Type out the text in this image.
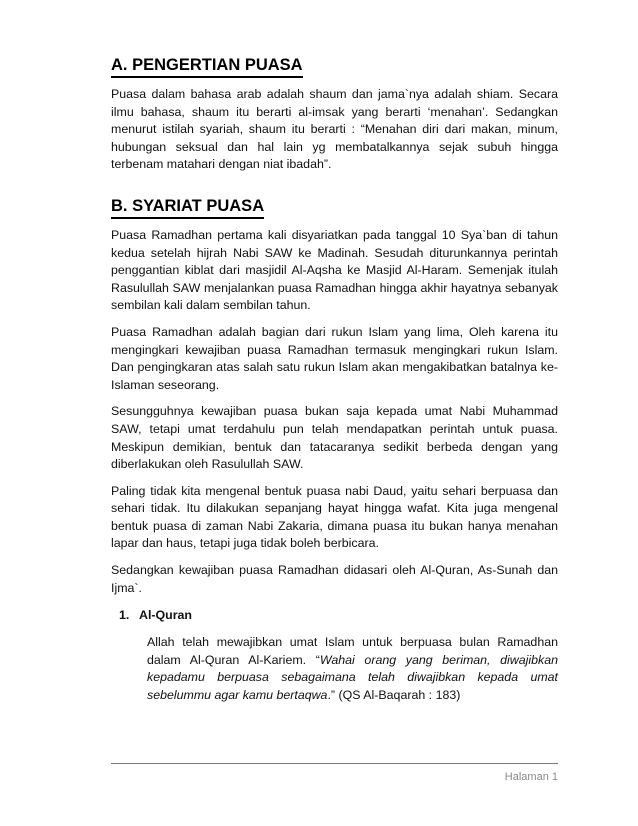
A. PENGERTIAN PUASA

Puasa dalam bahasa arab adalah shaum dan jama`nya adalah shiam. Secara ilmu bahasa, shaum itu berarti al-imsak yang berarti ‘menahan’. Sedangkan menurut istilah syariah, shaum itu berarti : “Menahan diri dari makan, minum, hubungan seksual dan hal lain yg membatalkannya sejak subuh hingga terbenam matahari dengan niat ibadah”.

B. SYARIAT PUASA

Puasa Ramadhan pertama kali disyariatkan pada tanggal 10 Sya`ban di tahun kedua setelah hijrah Nabi SAW ke Madinah. Sesudah diturunkannya perintah penggantian kiblat dari masjidil Al-Aqsha ke Masjid Al-Haram. Semenjak itulah Rasulullah SAW menjalankan puasa Ramadhan hingga akhir hayatnya sebanyak sembilan kali dalam sembilan tahun.

Puasa Ramadhan adalah bagian dari rukun Islam yang lima, Oleh karena itu mengingkari kewajiban puasa Ramadhan termasuk mengingkari rukun Islam. Dan pengingkaran atas salah satu rukun Islam akan mengakibatkan batalnya ke-Islaman seseorang.

Sesungguhnya kewajiban puasa bukan saja kepada umat Nabi Muhammad SAW, tetapi umat terdahulu pun telah mendapatkan perintah untuk puasa. Meskipun demikian, bentuk dan tatacaranya sedikit berbeda dengan yang diberlakukan oleh Rasulullah SAW.

Paling tidak kita mengenal bentuk puasa nabi Daud, yaitu sehari berpuasa dan sehari tidak. Itu dilakukan sepanjang hayat hingga wafat. Kita juga mengenal bentuk puasa di zaman Nabi Zakaria, dimana puasa itu bukan hanya menahan lapar dan haus, tetapi juga tidak boleh berbicara.

Sedangkan kewajiban puasa Ramadhan didasari oleh Al-Quran, As-Sunah dan Ijma`.

1. Al-Quran
Allah telah mewajibkan umat Islam untuk berpuasa bulan Ramadhan dalam Al-Quran Al-Kariem. “Wahai orang yang beriman, diwajibkan kepadamu berpuasa sebagaimana telah diwajibkan kepada umat sebelummu agar kamu bertaqwa.” (QS Al-Baqarah : 183)
Halaman 1
